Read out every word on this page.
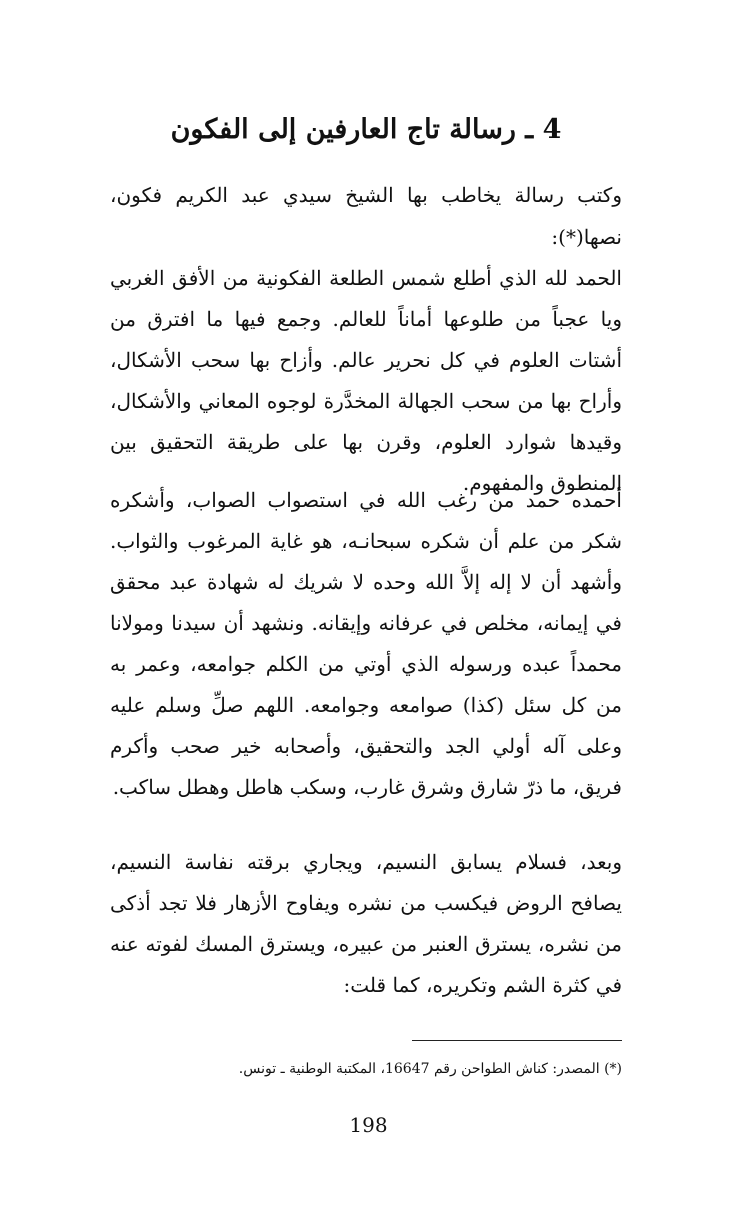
4 ـ رسالة تاج العارفين إلى الفكون
وكتب رسالة يخاطب بها الشيخ سيدي عبد الكريم فكون، نصها(*):
الحمد لله الذي أطلع شمس الطلعة الفكونية من الأفق الغربي ويا عجباً من طلوعها أماناً للعالم. وجمع فيها ما افترق من أشتات العلوم في كل نحرير عالم. وأزاح بها سحب الأشكال، وأراح بها من سحب الجهالة المخدَّرة لوجوه المعاني والأشكال، وقيدها شوارد العلوم، وقرن بها على طريقة التحقيق بين المنطوق والمفهوم.
أحمده حمد من رغب الله في استصواب الصواب، وأشكره شكر من علم أن شكره سبحانـه، هو غاية المرغوب والثواب. وأشهد أن لا إله إلاَّ الله وحده لا شريك له شهادة عبد محقق في إيمانه، مخلص في عرفانه وإيقانه. ونشهد أن سيدنا ومولانا محمداً عبده ورسوله الذي أوتي من الكلم جوامعه، وعمر به من كل سئل (كذا) صوامعه وجوامعه. اللهم صلِّ وسلم عليه وعلى آله أولي الجد والتحقيق، وأصحابه خير صحب وأكرم فريق، ما ذرّ شارق وشرق غارب، وسكب هاطل وهطل ساكب.
وبعد، فسلام يسابق النسيم، ويجاري برقته نفاسة النسيم، يصافح الروض فيكسب من نشره ويفاوح الأزهار فلا تجد أذكى من نشره، يسترق العنبر من عبيره، ويسترق المسك لفوته عنه في كثرة الشم وتكريره، كما قلت:
(*) المصدر: كناش الطواحن رقم 16647، المكتبة الوطنية ـ تونس.
198
